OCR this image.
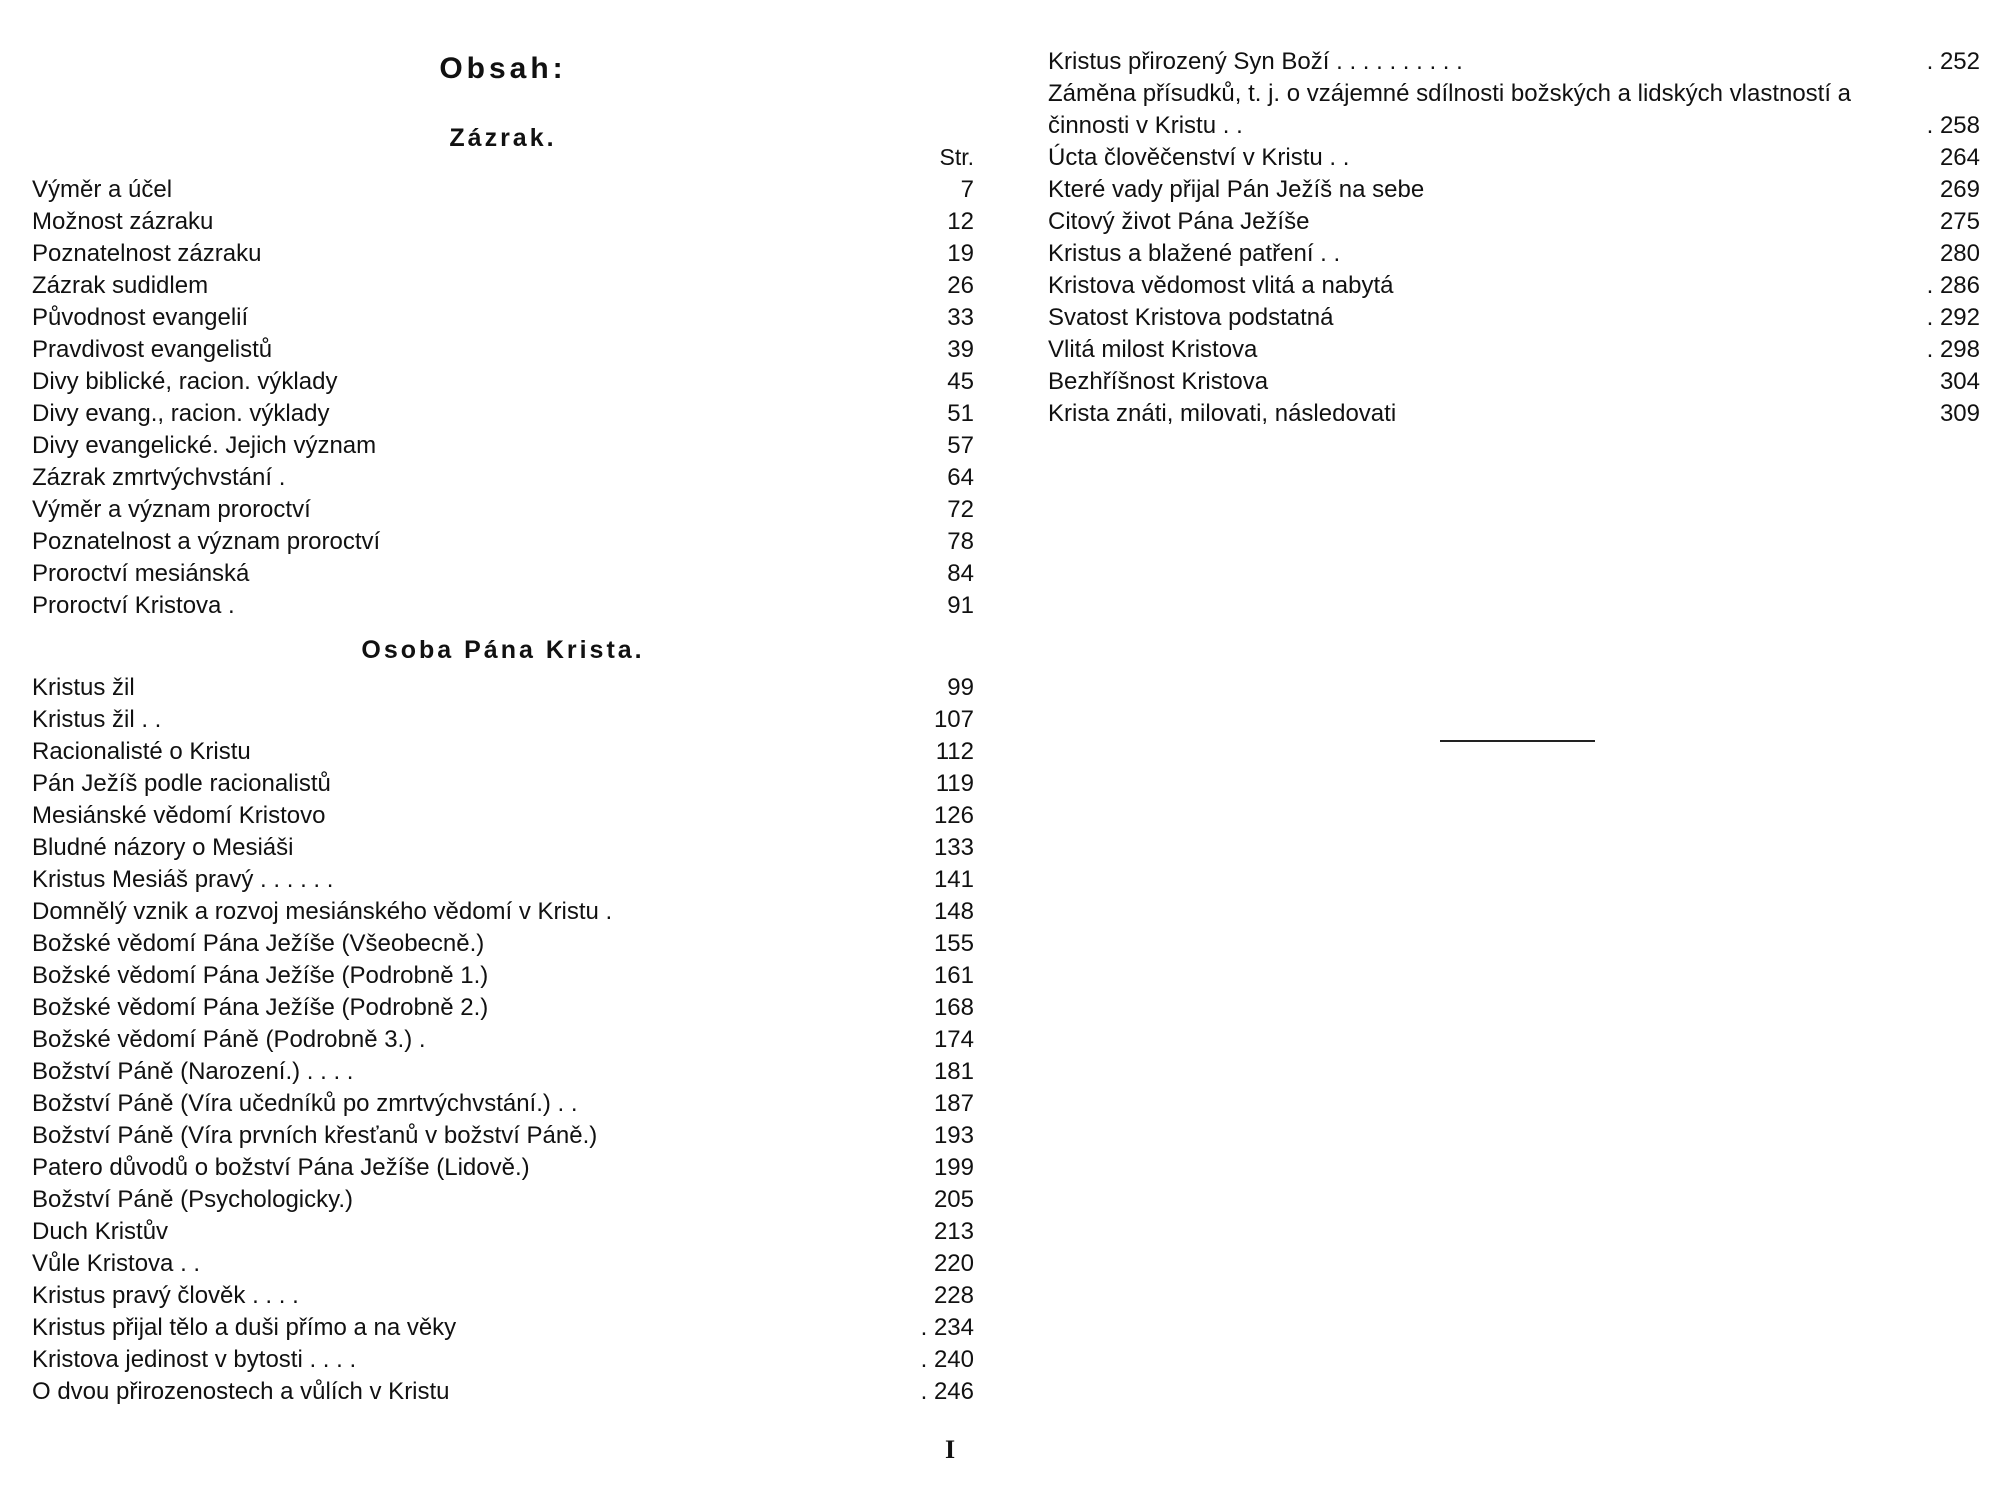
Obsah:
Zázrak.
Str.
Výměr a účel	7
Možnost zázraku	12
Poznatelnost zázraku	19
Zázrak sudidlem	26
Původnost evangelií	33
Pravdivost evangelistů	39
Divy biblické, racion. výklady	45
Divy evang., racion. výklady	51
Divy evangelické. Jejich význam	57
Zázrak zmrtvýchvstání .	64
Výměr a význam proroctví	72
Poznatelnost a význam proroctví	78
Proroctví mesiánská	84
Proroctví Kristova .	91
Osoba Pána Krista.
Kristus žil	99
Kristus žil . .	107
Racionalisté o Kristu	112
Pán Ježíš podle racionalistů	119
Mesiánské vědomí Kristovo	126
Bludné názory o Mesiáši	133
Kristus Mesiáš pravý . . . . . .	141
Domnělý vznik a rozvoj mesiánského vědomí v Kristu .	148
Božské vědomí Pána Ježíše (Všeobecně.)	155
Božské vědomí Pána Ježíše (Podrobně 1.)	161
Božské vědomí Pána Ježíše (Podrobně 2.)	168
Božské vědomí Páně (Podrobně 3.) .	174
Božství Páně (Narození.) . . . .	181
Božství Páně (Víra učedníků po zmrtvýchvstání.) . .	187
Božství Páně (Víra prvních křesťanů v božství Páně.)	193
Patero důvodů o božství Pána Ježíše (Lidově.)	199
Božství Páně (Psychologicky.)	205
Duch Kristův	213
Vůle Kristova . .	220
Kristus pravý člověk . . . .	228
Kristus přijal tělo a duši přímo a na věky	. 234
Kristova jedinost v bytosti . . . .	. 240
O dvou přirozenostech a vůlích v Kristu	. 246
Kristus přirozený Syn Boží . . . . . . . . . .	. 252
Záměna přísudků, t. j. o vzájemné sdílnosti božských a lidských vlastností a činnosti v Kristu . .	. 258
Úcta člověčenství v Kristu . .	264
Které vady přijal Pán Ježíš na sebe	269
Citový život Pána Ježíše	275
Kristus a blažené patření . .	280
Kristova vědomost vlitá a nabytá	. 286
Svatost Kristova podstatná	. 292
Vlitá milost Kristova	. 298
Bezhříšnost Kristova	304
Krista znáti, milovati, následovati	309
I
